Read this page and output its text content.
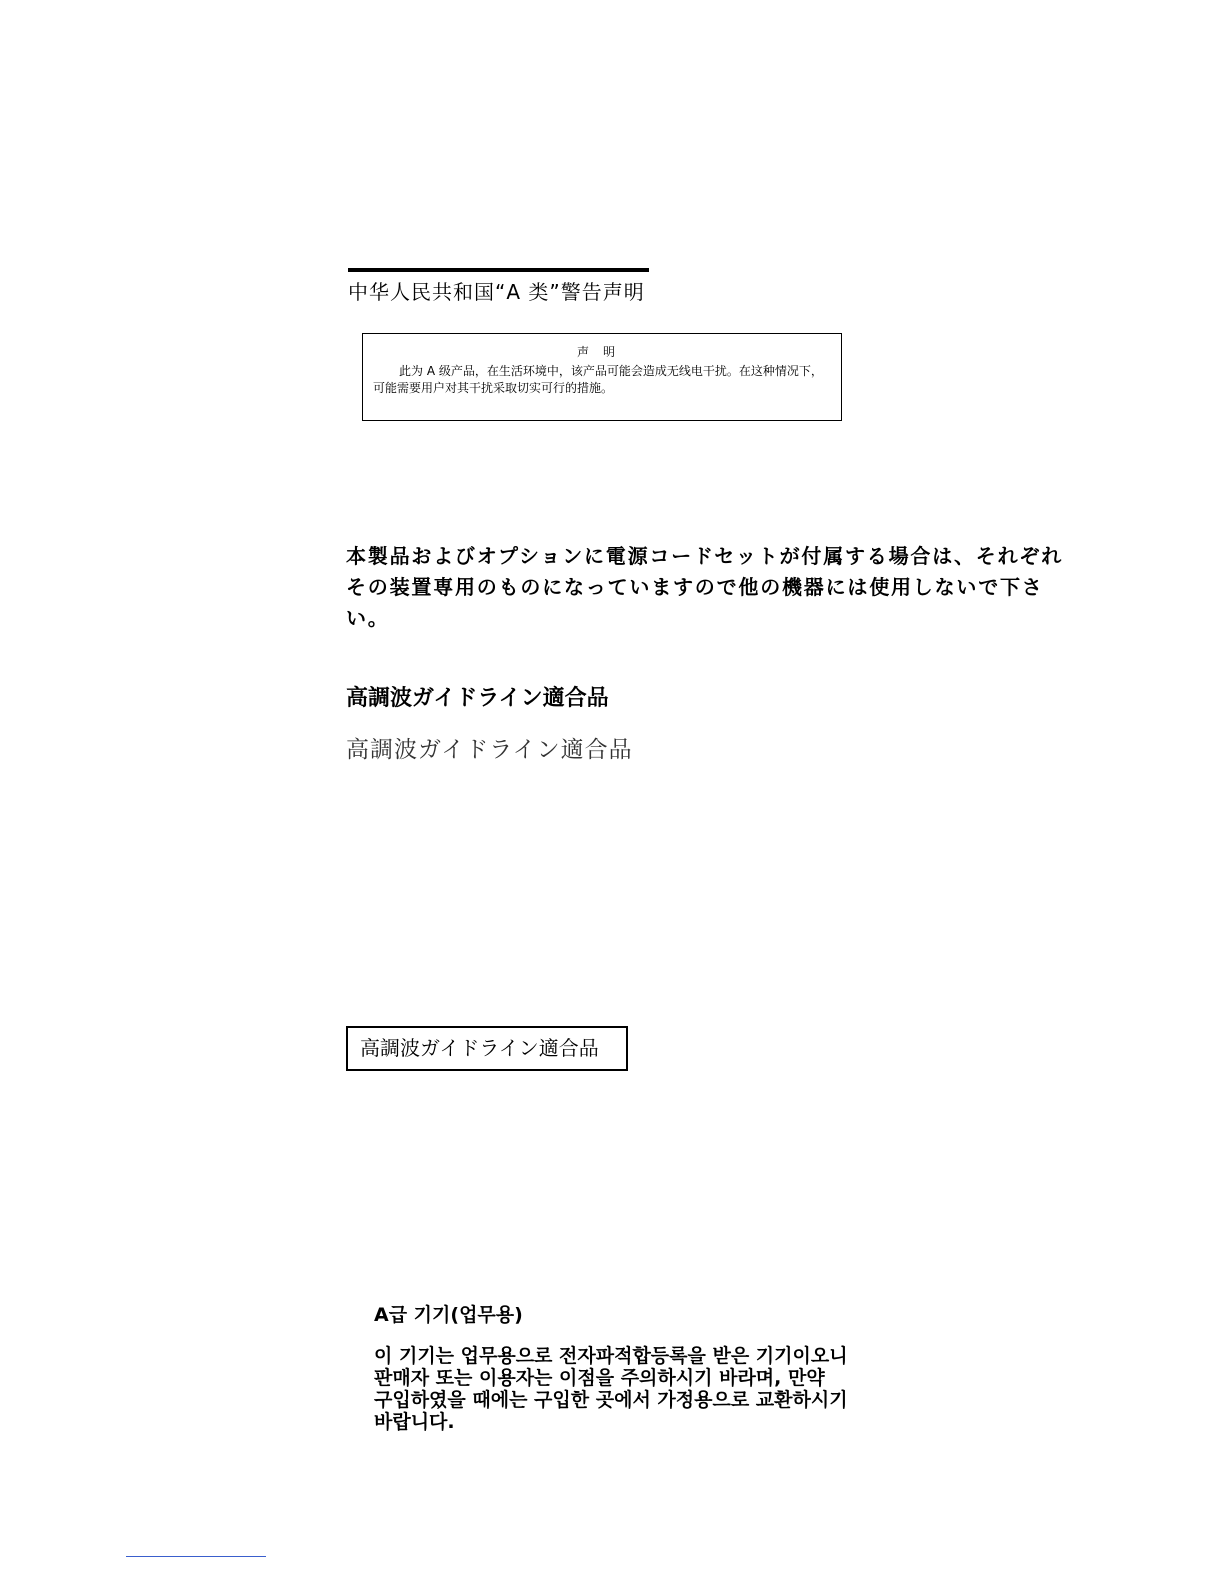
中华人民共和国“A 类”警告声明
声明
此为 A 级产品，在生活环境中，该产品可能会造成无线电干扰。在这种情况下，可能需要用户对其干扰采取切实可行的措施。
本製品およびオプションに電源コードセットが付属する場合は、それぞれ
その装置専用のものになっていますので他の機器には使用しないで下さい。
高調波ガイドライン適合品
高調波ガイドライン適合品
高調波ガイドライン適合品
A급 기기(업무용)
이 기기는 업무용으로 전자파적합등록을 받은 기기이오니
판매자 또는 이용자는 이점을 주의하시기 바라며, 만약
구입하였을 때에는 구입한 곳에서 가정용으로 교환하시기
바랍니다.
